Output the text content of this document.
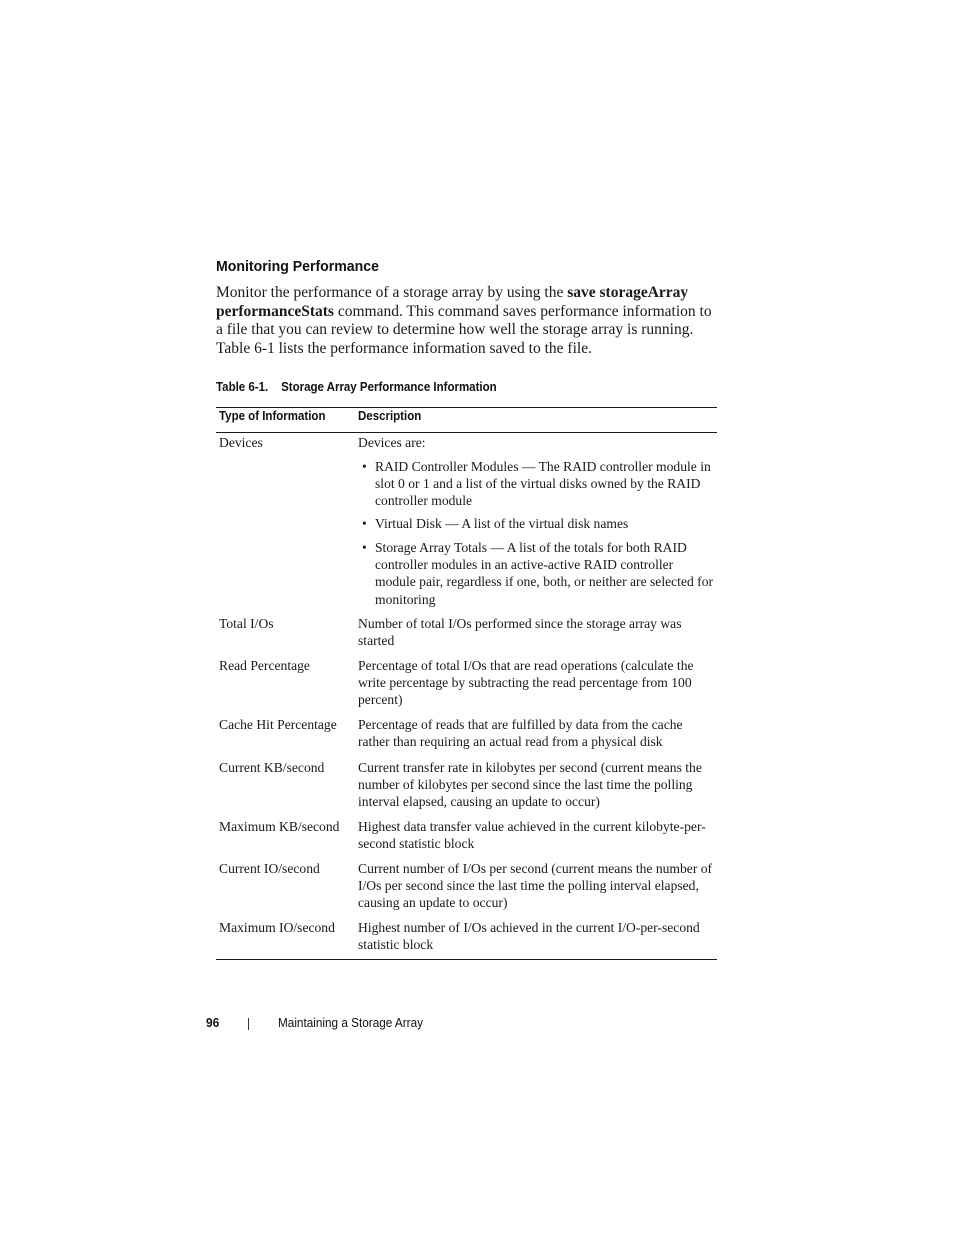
Monitoring Performance
Monitor the performance of a storage array by using the save storageArray performanceStats command. This command saves performance information to a file that you can review to determine how well the storage array is running. Table 6-1 lists the performance information saved to the file.
Table 6-1. Storage Array Performance Information
Type of Information	Description
Devices	Devices are:
• RAID Controller Modules — The RAID controller module in slot 0 or 1 and a list of the virtual disks owned by the RAID controller module
• Virtual Disk — A list of the virtual disk names
• Storage Array Totals — A list of the totals for both RAID controller modules in an active-active RAID controller module pair, regardless if one, both, or neither are selected for monitoring
Total I/Os	Number of total I/Os performed since the storage array was started
Read Percentage	Percentage of total I/Os that are read operations (calculate the write percentage by subtracting the read percentage from 100 percent)
Cache Hit Percentage	Percentage of reads that are fulfilled by data from the cache rather than requiring an actual read from a physical disk
Current KB/second	Current transfer rate in kilobytes per second (current means the number of kilobytes per second since the last time the polling interval elapsed, causing an update to occur)
Maximum KB/second	Highest data transfer value achieved in the current kilobyte-per-second statistic block
Current IO/second	Current number of I/Os per second (current means the number of I/Os per second since the last time the polling interval elapsed, causing an update to occur)
Maximum IO/second	Highest number of I/Os achieved in the current I/O-per-second statistic block
96	Maintaining a Storage Array
